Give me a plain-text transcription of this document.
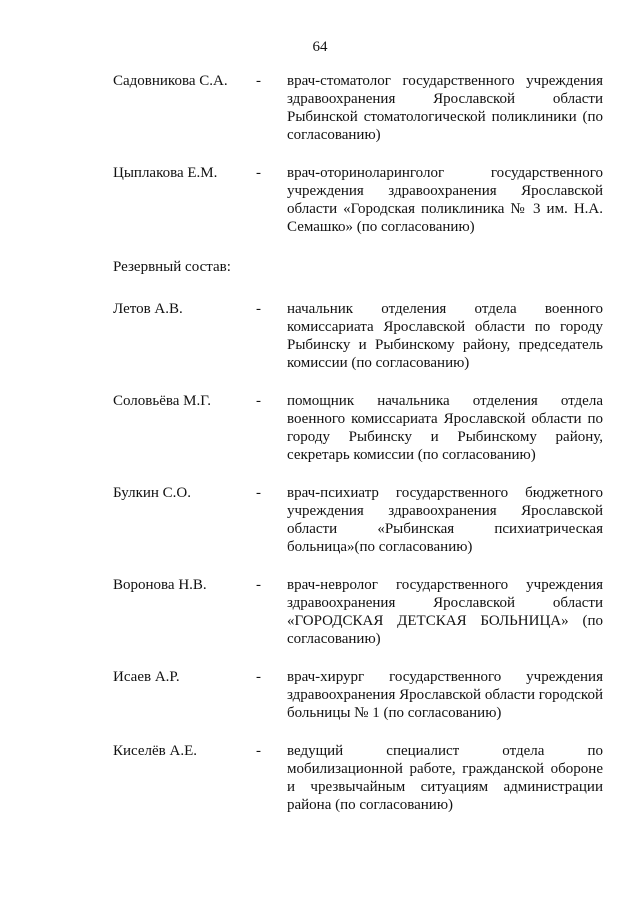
64
Садовникова С.А. - врач-стоматолог государственного учреждения здравоохранения Ярославской области Рыбинской стоматологической поликлиники (по согласованию)
Цыплакова Е.М.	- врач-оториноларинголог государственного учреждения здравоохранения Ярославской области «Городская поликлиника № 3 им. Н.А. Семашко» (по согласованию)
Резервный состав:
Летов А.В.	- начальник отделения отдела военного комиссариата Ярославской области по городу Рыбинску и Рыбинскому району, председатель комиссии (по согласованию)
Соловьёва М.Г.	- помощник начальника отделения отдела военного комиссариата Ярославской области по городу Рыбинску и Рыбинскому району, секретарь комиссии (по согласованию)
Булкин С.О.	- врач-психиатр государственного бюджетного учреждения здравоохранения Ярославской области «Рыбинская психиатрическая больница»(по согласованию)
Воронова Н.В.	- врач-невролог государственного учреждения здравоохранения Ярославской области «ГОРОДСКАЯ ДЕТСКАЯ БОЛЬНИЦА» (по согласованию)
Исаев А.Р.	- врач-хирург государственного учреждения здравоохранения Ярославской области городской больницы № 1 (по согласованию)
Киселёв А.Е.	- ведущий специалист отдела по мобилизационной работе, гражданской обороне и чрезвычайным ситуациям администрации района (по согласованию)
